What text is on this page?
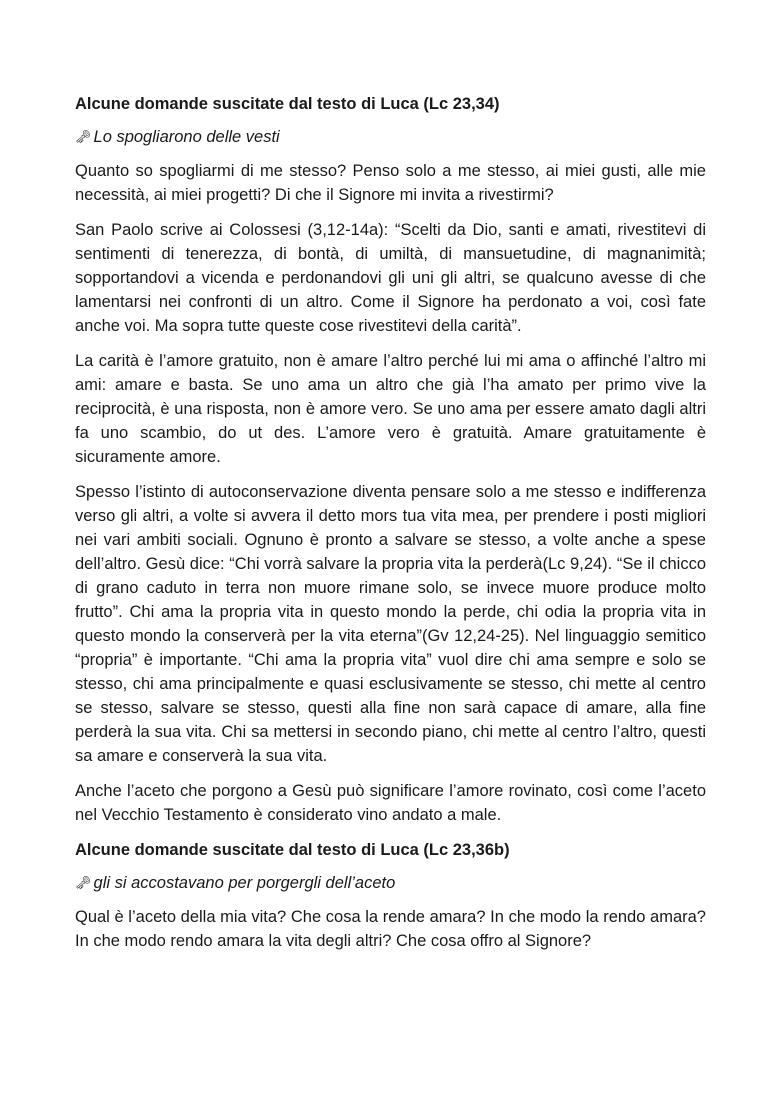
Alcune domande suscitate dal testo di Luca (Lc 23,34)
🗝 Lo spogliarono delle vesti

Quanto so spogliarmi di me stesso? Penso solo a me stesso, ai miei gusti, alle mie necessità, ai miei progetti? Di che il Signore mi invita a rivestirmi?

San Paolo scrive ai Colossesi (3,12-14a): “Scelti da Dio, santi e amati, rivestitevi di sentimenti di tenerezza, di bontà, di umiltà, di mansuetudine, di magnanimità; sopportandovi a vicenda e perdonandovi gli uni gli altri, se qualcuno avesse di che lamentarsi nei confronti di un altro. Come il Signore ha perdonato a voi, così fate anche voi. Ma sopra tutte queste cose rivestitevi della carità”.

La carità è l’amore gratuito, non è amare l’altro perché lui mi ama o affinché l’altro mi ami: amare e basta. Se uno ama un altro che già l’ha amato per primo vive la reciprocità, è una risposta, non è amore vero. Se uno ama per essere amato dagli altri fa uno scambio, do ut des. L’amore vero è gratuità. Amare gratuitamente è sicuramente amore.

Spesso l’istinto di autoconservazione diventa pensare solo a me stesso e indifferenza verso gli altri, a volte si avvera il detto mors tua vita mea, per prendere i posti migliori nei vari ambiti sociali. Ognuno è pronto a salvare se stesso, a volte anche a spese dell’altro. Gesù dice: “Chi vorrà salvare la propria vita la perderà(Lc 9,24). “Se il chicco di grano caduto in terra non muore rimane solo, se invece muore produce molto frutto”. Chi ama la propria vita in questo mondo la perde, chi odia la propria vita in questo mondo la conserverà per la vita eterna”(Gv 12,24-25). Nel linguaggio semitico “propria” è importante. “Chi ama la propria vita” vuol dire chi ama sempre e solo se stesso, chi ama principalmente e quasi esclusivamente se stesso, chi mette al centro se stesso, salvare se stesso, questi alla fine non sarà capace di amare, alla fine perderà la sua vita. Chi sa mettersi in secondo piano, chi mette al centro l’altro, questi sa amare e conserverà la sua vita.

Anche l’aceto che porgono a Gesù può significare l’amore rovinato, così come l’aceto nel Vecchio Testamento è considerato vino andato a male.

Alcune domande suscitate dal testo di Luca (Lc 23,36b)
🗝 gli si accostavano per porgergli dell’aceto

Qual è l’aceto della mia vita? Che cosa la rende amara? In che modo la rendo amara? In che modo rendo amara la vita degli altri? Che cosa offro al Signore?
